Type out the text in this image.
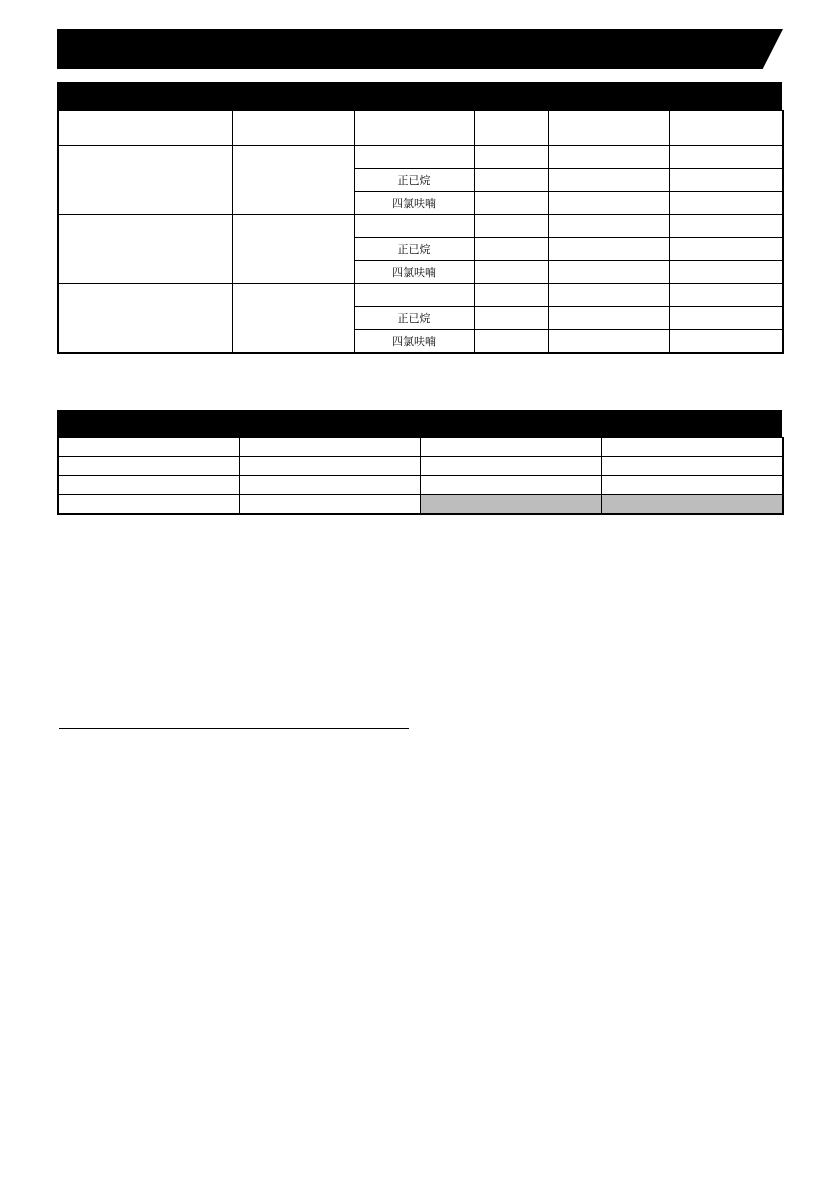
		正已烷			
		四氯呋喃			

		正已烷			
		四氯呋喃			

		正已烷			
		四氯呋喃			
